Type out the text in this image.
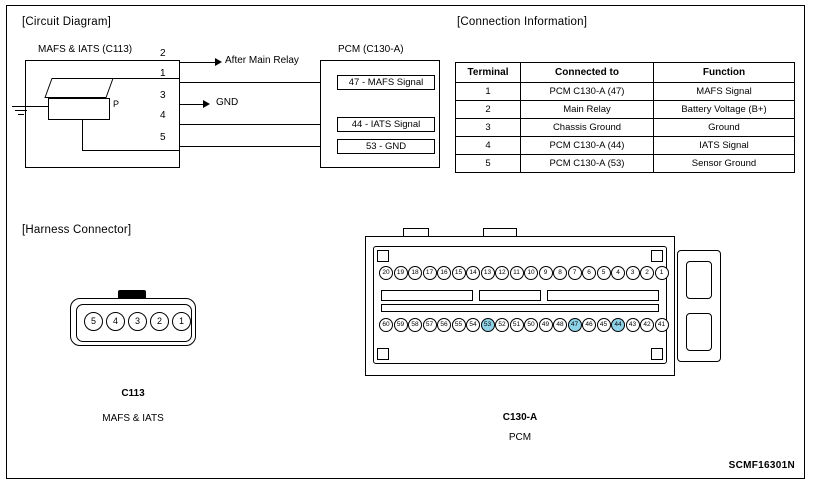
[Circuit Diagram]
MAFS & IATS (C113)	PCM (C130-A)
P
2
After Main Relay
1
3
GND
4
5
47 - MAFS Signal
44 - IATS Signal
53 - GND
[Connection Information]
Terminal	Connected to	Function
1	PCM C130-A (47)	MAFS Signal
2	Main Relay	Battery Voltage (B+)
3	Chassis Ground	Ground
4	PCM C130-A (44)	IATS Signal
5	PCM C130-A (53)	Sensor Ground
[Harness Connector]
5	4	3	2	1
C113
MAFS & IATS
20	19	18	17	16	15	14	13	12	11	10	9	8	7	6	5	4	3	2	1
60	59	58	57	56	55	54	53	52	51	50	49	48	47	46	45	44	43	42	41
C130-A
PCM
SCMF16301N
